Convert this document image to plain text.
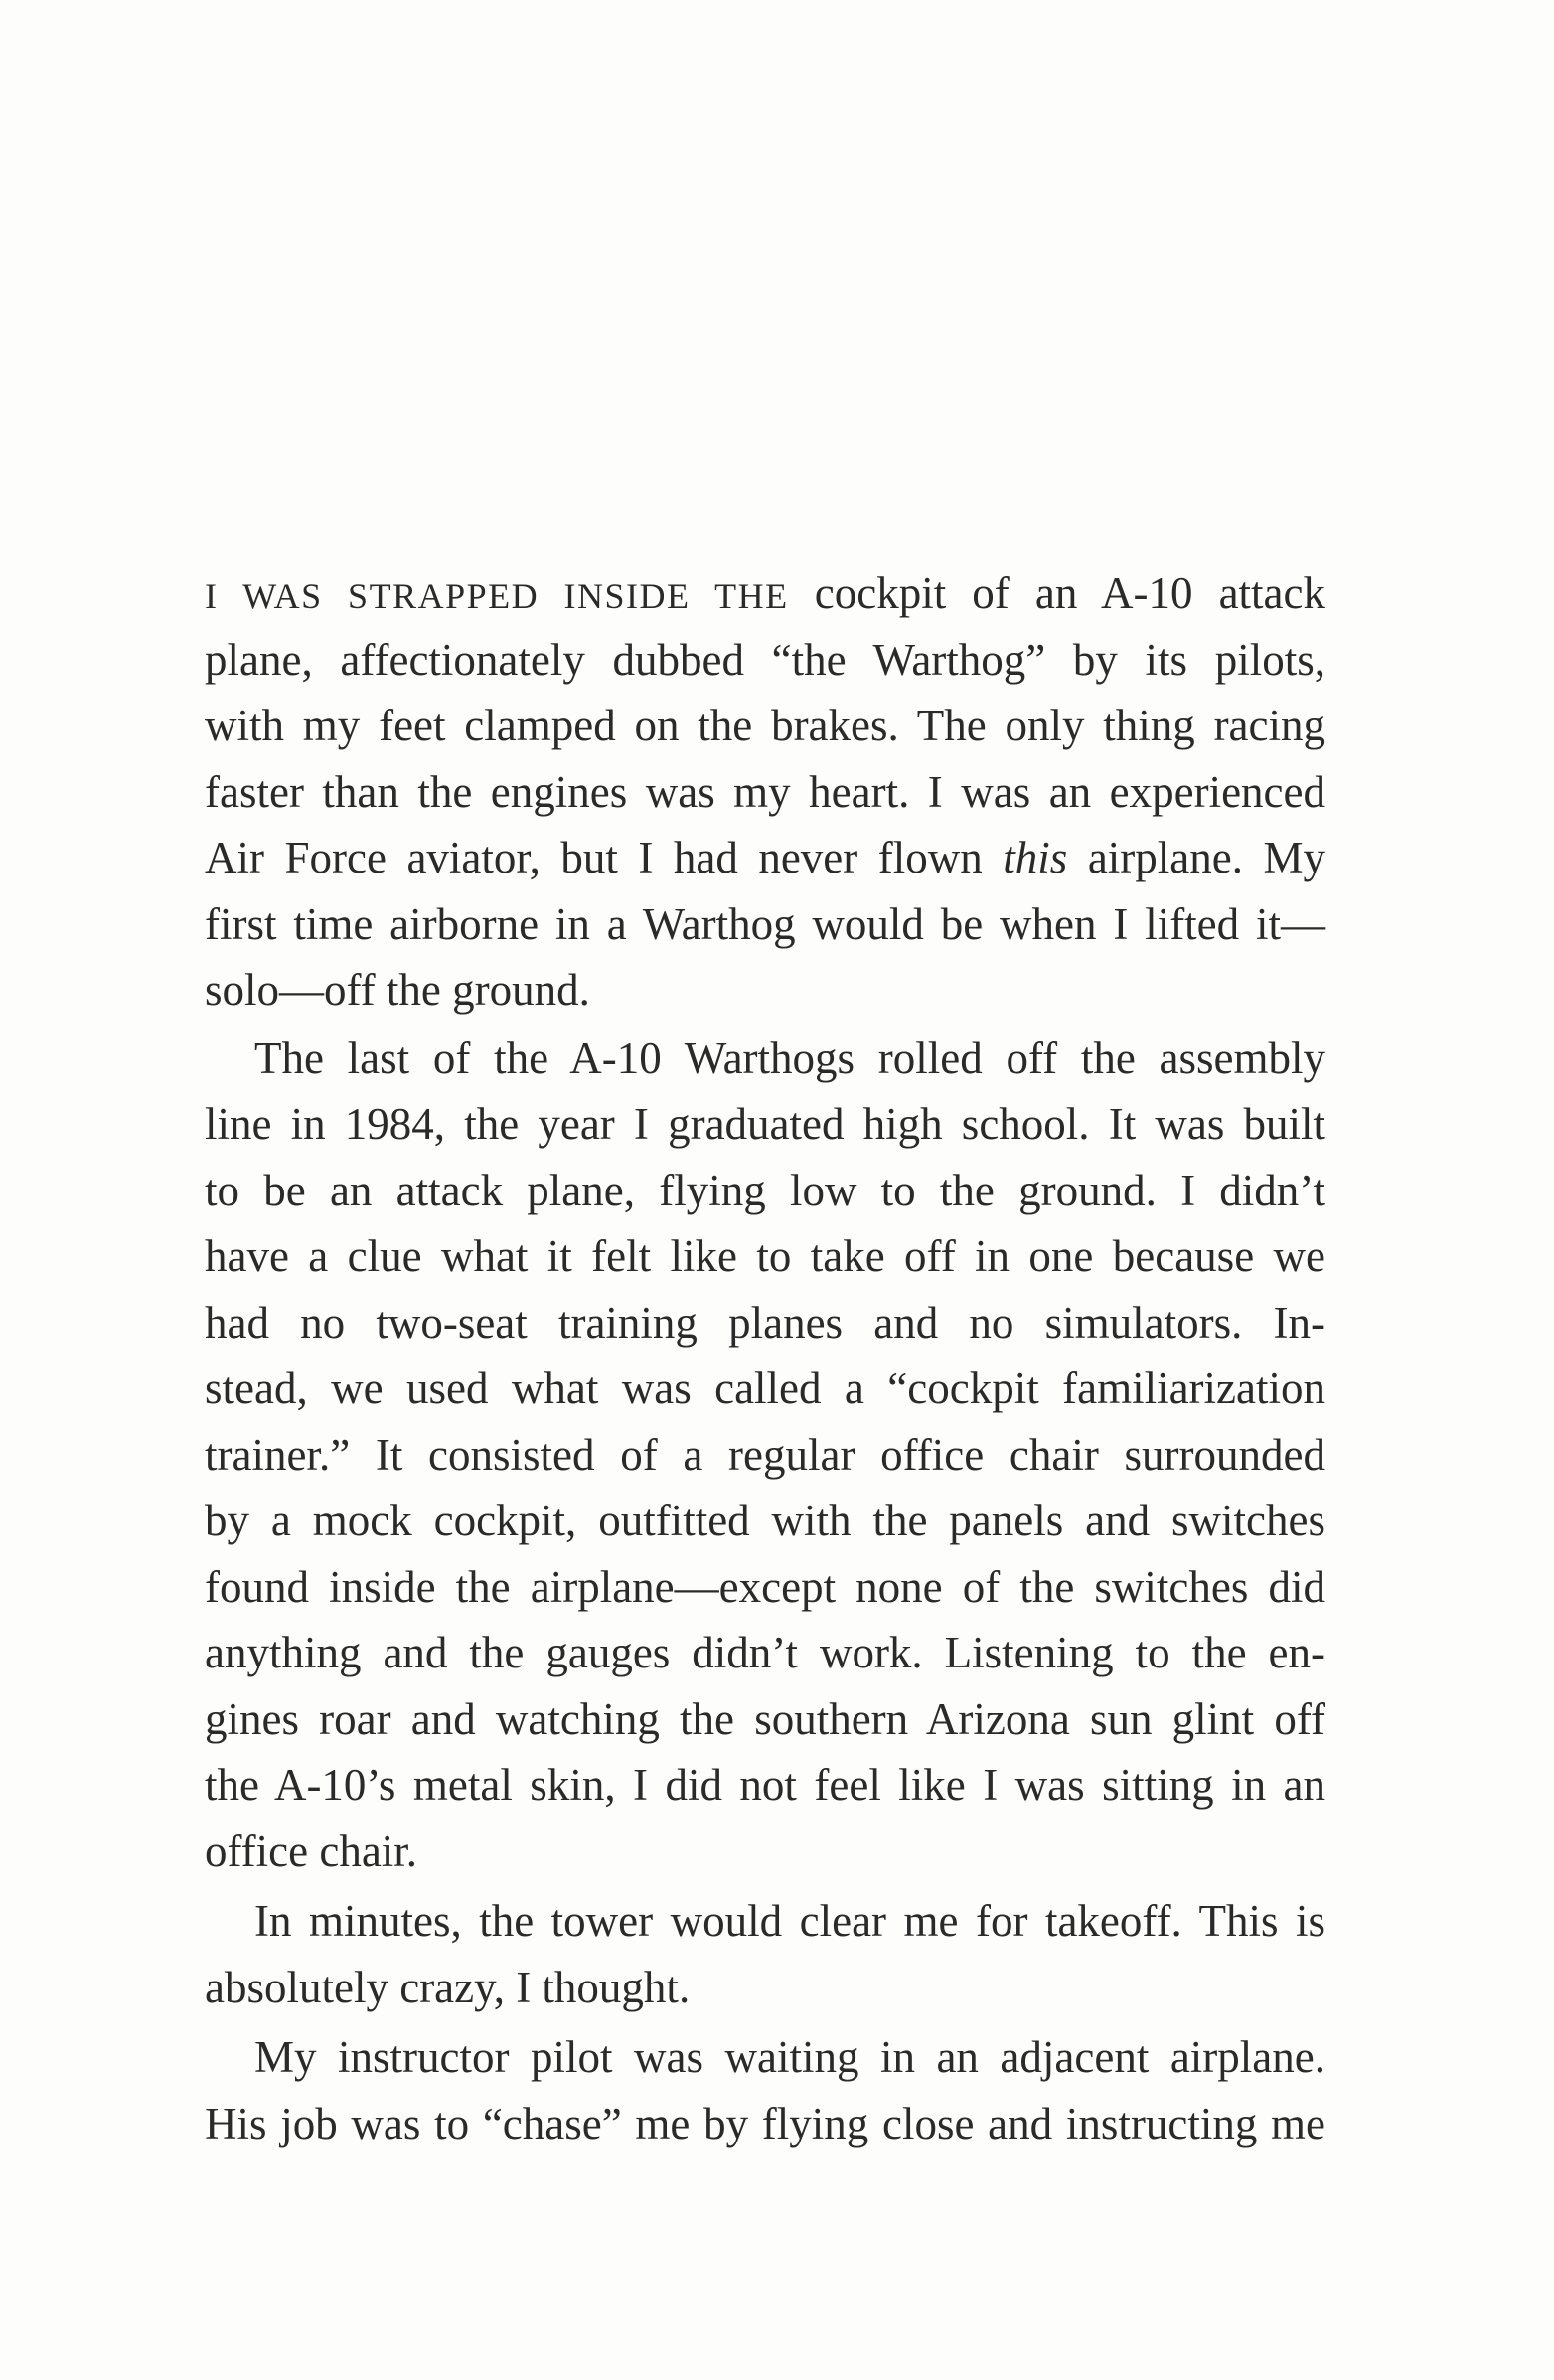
I WAS STRAPPED INSIDE THE cockpit of an A-10 attack
plane, affectionately dubbed “the Warthog” by its pilots,
with my feet clamped on the brakes. The only thing racing
faster than the engines was my heart. I was an experienced
Air Force aviator, but I had never flown this airplane. My
first time airborne in a Warthog would be when I lifted it—
solo—off the ground.
The last of the A-10 Warthogs rolled off the assembly
line in 1984, the year I graduated high school. It was built
to be an attack plane, flying low to the ground. I didn’t
have a clue what it felt like to take off in one because we
had no two-seat training planes and no simulators. In-
stead, we used what was called a “cockpit familiarization
trainer.” It consisted of a regular office chair surrounded
by a mock cockpit, outfitted with the panels and switches
found inside the airplane—except none of the switches did
anything and the gauges didn’t work. Listening to the en-
gines roar and watching the southern Arizona sun glint off
the A-10’s metal skin, I did not feel like I was sitting in an
office chair.
In minutes, the tower would clear me for takeoff. This is
absolutely crazy, I thought.
My instructor pilot was waiting in an adjacent airplane.
His job was to “chase” me by flying close and instructing me
